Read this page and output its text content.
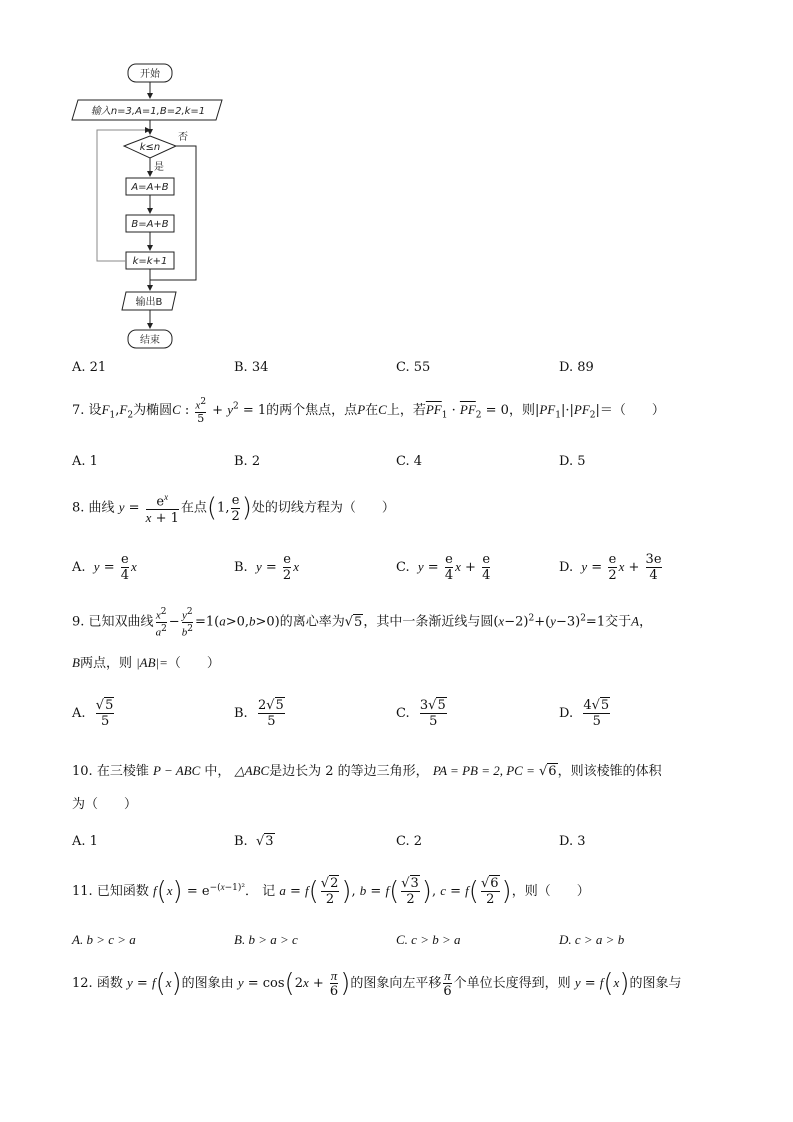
开始
输入n=3,A=1,B=2,k=1
k≤n
否
是
A=A+B
B=A+B
k=k+1
输出B
结束
A. 21	B. 34	C. 55	D. 89
7. 设$F_1,F_2$为椭圆C : $\frac{x^2}{5} + y^2 = 1$的两个焦点，点P在C上，若$\overline{PF}_1 \cdot \overline{PF}_2 = 0$，则$|PF_1|\cdot|PF_2|=$（　　）
A. 1	B. 2	C. 4	D. 5
8. 曲线 $y = \frac{e^x}{x + 1}$ 在点(1, $\frac{e}{2}$ )处的切线方程为（　　）
A. $y = \frac{e}{4}$ x	B. $y = \frac{e}{2}$ x	C. $y = \frac{e}{4}$ $x + \frac{e}{4}$	D. $y = \frac{e}{2}$ $x + \frac{3e}{4}$
9. 已知双曲线 $\frac{x^2}{a^2} - \frac{y^2}{b^2} =1(a>0,b>0)$的离心率为√5，其中一条渐近线与圆$(x-2)^2+(y-3)^2=1$交于A，
B两点，则 |AB|=（　　）
A. $\frac{√5}{5}$	B. $\frac{2√5}{5}$	C. $\frac{3√5}{5}$	D. $\frac{4√5}{5}$
10. 在三棱锥 P − ABC 中， △ABC是边长为 2 的等边三角形， PA = PB = 2, PC = √6，则该棱锥的体积
为（　　）
A. 1	B.  √3	C. 2	D. 3
11. 已知函数 $f(x) = e^{-(x-1)^2}$． 记 $a = f( \frac{√2}{2}$ ), $b = f( \frac{√3}{2}$ ), $c = f( \frac{√6}{2}$ )，则（　　）
A. b > c > a	B. b > a > c	C. c > b > a	D. c > a > b
12. 函数 y = f(x)的图象由 $y = \cos(2x + \frac{\pi}{6}$ )的图象向左平移 $\frac{\pi}{6}$ 个单位长度得到，则 y = f(x)的图象与
